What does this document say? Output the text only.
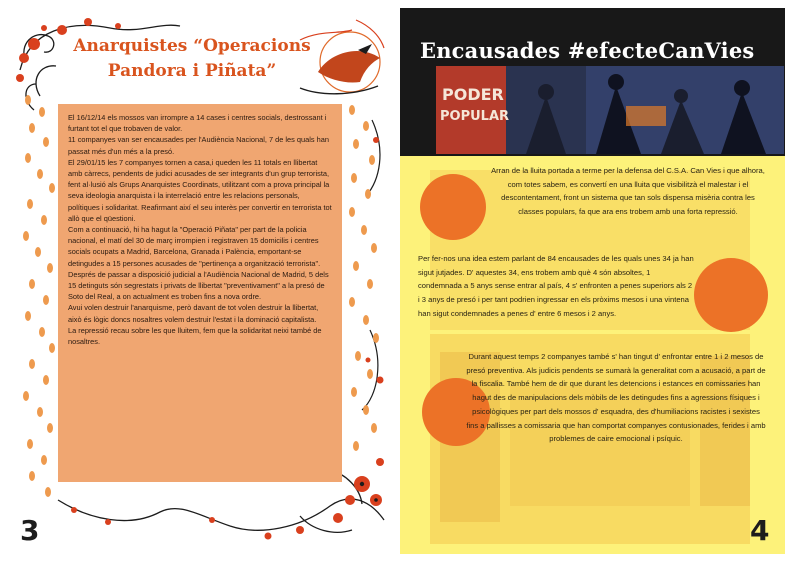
Anarquistes “Operacions
Pandora i Piñata”

El 16/12/14 els mossos van irrompre a 14 cases i centres socials, destrossant i furtant tot el que trobaven de valor.

11 companyes van ser encausades per l'Audiència Nacional, 7 de les quals han passat més d'un més a la presó.

El 29/01/15 les 7 companyes tornen a casa,i queden les 11 totals en llibertat amb càrrecs, pendents de judici acusades de ser integrants d'un grup terrorista, fent al·lusió als Grups Anarquistes Coordinats, utilitzant com a prova principal la seva ideologia anarquista i la interrelació entre les relacions personals, polítiques i solidaritat. Reafirmant així el seu interès per convertir en terrorista tot allò que el qüestioni.

Com a continuació, hi ha hagut la "Operació Piñata" per part de la policia nacional, el matí del 30 de març irrompien i registraven 15 domicilis i centres socials ocupats a Madrid, Barcelona, Granada i Palència, emportant-se detingudes a 15 persones acusades de "pertinença a organització terrorista".

Després de passar a disposició judicial a l'Audiència Nacional de Madrid, 5 dels 15 detinguts són segrestats i privats de llibertat "preventivament" a la presó de Soto del Real, a on actualment es troben fins a nova ordre.

Avui volen destruir l'anarquisme, però davant de tot volen destruir la llibertat, això és lògic doncs nosaltres volem destruir l'estat i la dominació capitalista.

La repressió recau sobre les que lluitem, fem que la solidaritat neixi també de nosaltres.

3
PODER
POPULAR
Encausades #efecteCanVies

Arran de la lluita portada a terme per la defensa del C.S.A. Can Vies i que alhora, com totes sabem, es convertí en una lluita que visibilitzà el malestar i el descontentament, front un sistema que tan sols dispensa misèria contra les classes populars, fa que ara ens trobem amb una forta repressió.

Per fer-nos una idea estem parlant de 84 encausades de les quals unes 34 ja han sigut jutjades. D' aquestes 34, ens trobem amb què 4 són absoltes, 1 condemnada a 5 anys sense entrar al país, 4 s' enfronten a penes superiors als 2 i 3 anys de presó i per tant podrien ingressar en els pròxims mesos i una vintena han sigut condemnades a penes d' entre 6 mesos i 2 anys.

Durant aquest temps 2 companyes també s' han tingut d' enfrontar entre 1 i 2 mesos de presó preventiva. Als judicis pendents se sumarà la generalitat com a acusació, a part de la fiscalia. També hem de dir que durant les detencions i estances en comissaries han hagut des de manipulacions dels mòbils de les detingudes fins a agressions físiques i psicològiques per part dels mossos d' esquadra, des d'humiliacions racistes i sexistes fins a pallisses a comissaria que han comportat companyes contusionades, ferides i amb problemes de caire emocional i psíquic.

4
